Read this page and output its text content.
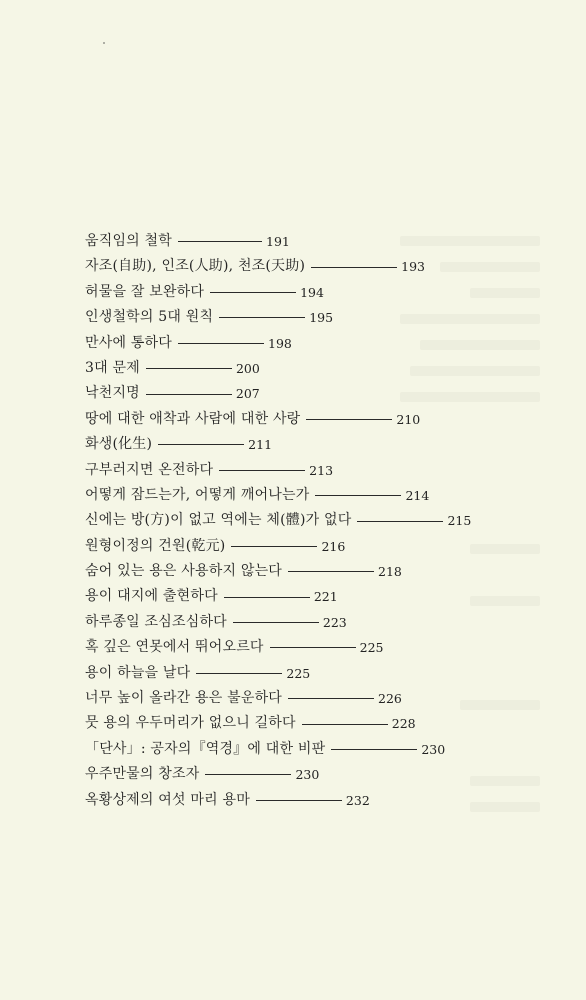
움직임의 철학	191
자조(自助), 인조(人助), 천조(天助)	193
허물을 잘 보완하다	194
인생철학의 5대 원칙	195
만사에 통하다	198
3대 문제	200
낙천지명	207
땅에 대한 애착과 사람에 대한 사랑	210
화생(化生)	211
구부러지면 온전하다	213
어떻게 잠드는가, 어떻게 깨어나는가	214
신에는 방(方)이 없고 역에는 체(體)가 없다	215
원형이정의 건원(乾元)	216
숨어 있는 용은 사용하지 않는다	218
용이 대지에 출현하다	221
하루종일 조심조심하다	223
혹 깊은 연못에서 뛰어오르다	225
용이 하늘을 날다	225
너무 높이 올라간 용은 불운하다	226
뭇 용의 우두머리가 없으니 길하다	228
「단사」: 공자의『역경』에 대한 비판	230
우주만물의 창조자	230
옥황상제의 여섯 마리 용마	232
